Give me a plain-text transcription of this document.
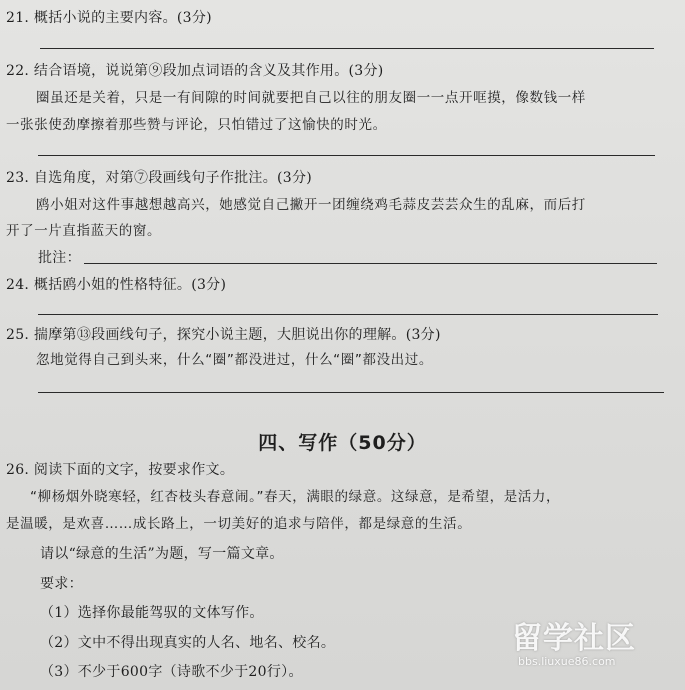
21. 概括小说的主要内容。(3分)
22. 结合语境，说说第⑨段加点词语的含义及其作用。(3分)
圈虽还是关着，只是一有间隙的时间就要把自己以往的朋友圈一一点开哐摸，像数钱一样
一张张使劲摩擦着那些赞与评论，只怕错过了这愉快的时光。
23. 自选角度，对第⑦段画线句子作批注。(3分)
鸥小姐对这件事越想越高兴，她感觉自己撇开一团缠绕鸡毛蒜皮芸芸众生的乱麻，而后打
开了一片直指蓝天的窗。
批注：
24. 概括鸥小姐的性格特征。(3分)
25. 揣摩第⑬段画线句子，探究小说主题，大胆说出你的理解。(3分)
忽地觉得自己到头来，什么“圈”都没进过，什么“圈”都没出过。
四、写作（50分）
26. 阅读下面的文字，按要求作文。
“柳杨烟外晓寒轻，红杏枝头春意闹。”春天，满眼的绿意。这绿意，是希望，是活力，
是温暖，是欢喜……成长路上，一切美好的追求与陪伴，都是绿意的生活。
请以“绿意的生活”为题，写一篇文章。
要求：
（1）选择你最能驾驭的文体写作。
（2）文中不得出现真实的人名、地名、校名。
（3）不少于600字（诗歌不少于20行）。
留学社区
bbs.liuxue86.com
